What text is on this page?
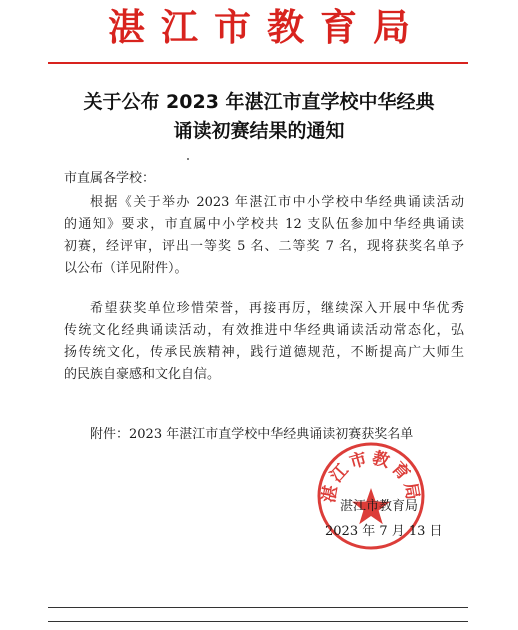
湛江市教育局
关于公布 2023 年湛江市直学校中华经典
诵读初赛结果的通知
市直属各学校：
根据《关于举办 2023 年湛江市中小学校中华经典诵读活动
的通知》要求，市直属中小学校共 12 支队伍参加中华经典诵读
初赛，经评审，评出一等奖 5 名、二等奖 7 名，现将获奖名单予
以公布（详见附件）。
希望获奖单位珍惜荣誉，再接再厉，继续深入开展中华优秀
传统文化经典诵读活动，有效推进中华经典诵读活动常态化，弘
扬传统文化，传承民族精神，践行道德规范，不断提高广大师生
的民族自豪感和文化自信。
附件：2023 年湛江市直学校中华经典诵读初赛获奖名单
湛江市教育局
湛江市教育局
2023 年 7 月 13 日
